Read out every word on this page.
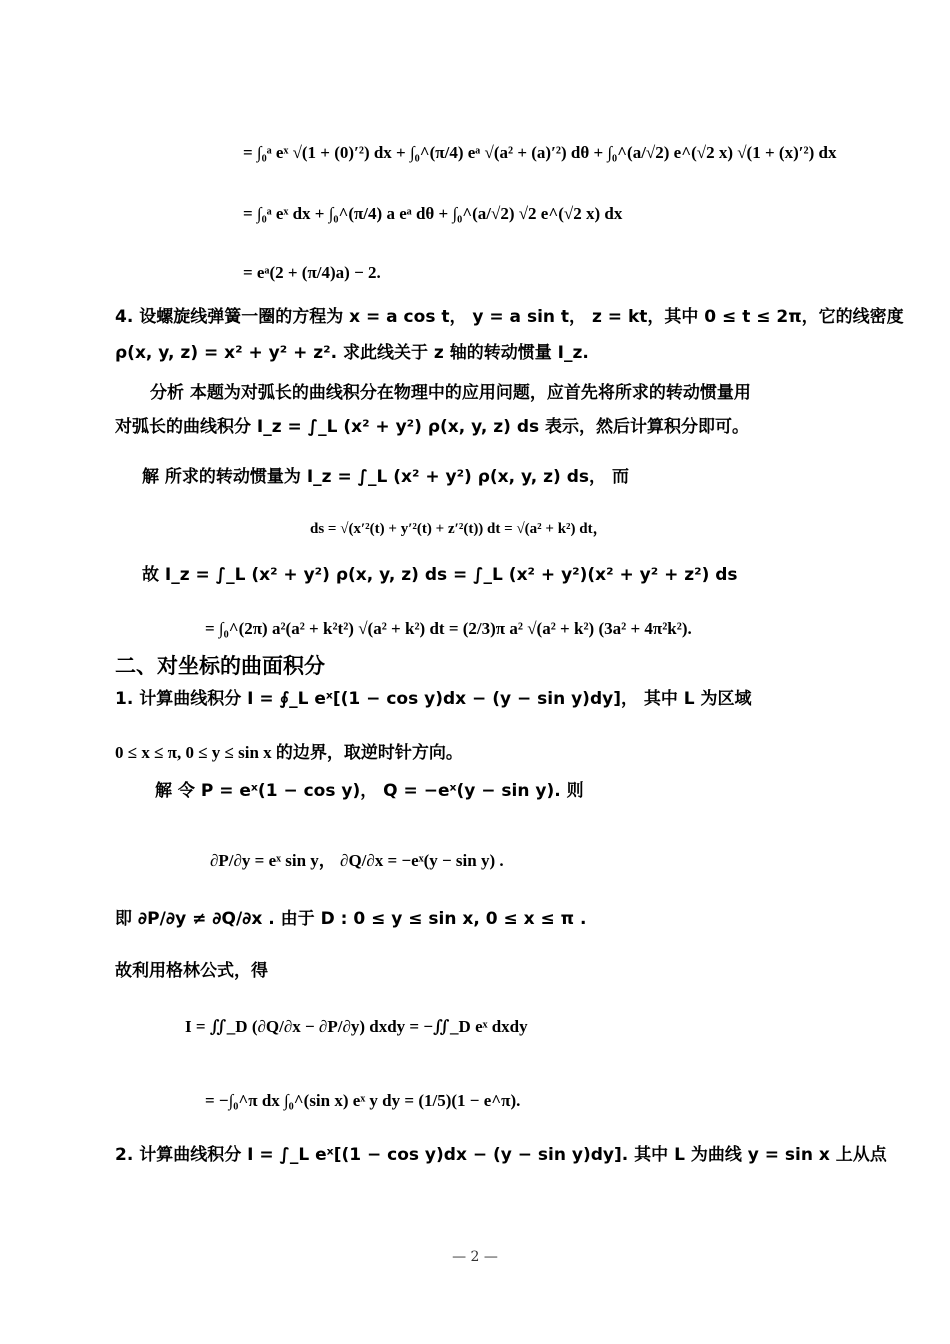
= ∫₀ᵃ eˣ √(1 + (0)′²) dx + ∫₀^(π/4) eᵃ √(a² + (a)′²) dθ + ∫₀^(a/√2) e^(√2 x) √(1 + (x)′²) dx
= ∫₀ᵃ eˣ dx + ∫₀^(π/4) a eᵃ dθ + ∫₀^(a/√2) √2 e^(√2 x) dx
= eᵃ(2 + (π/4)a) − 2.
4. 设螺旋线弹簧一圈的方程为 x = a cos t， y = a sin t， z = kt，其中 0 ≤ t ≤ 2π，它的线密度
ρ(x, y, z) = x² + y² + z². 求此线关于 z 轴的转动惯量 I_z.
分析 本题为对弧长的曲线积分在物理中的应用问题，应首先将所求的转动惯量用
对弧长的曲线积分 I_z = ∫_L (x² + y²) ρ(x, y, z) ds 表示，然后计算积分即可。
解 所求的转动惯量为 I_z = ∫_L (x² + y²) ρ(x, y, z) ds， 而
ds = √(x′²(t) + y′²(t) + z′²(t)) dt = √(a² + k²) dt，
故 I_z = ∫_L (x² + y²) ρ(x, y, z) ds = ∫_L (x² + y²)(x² + y² + z²) ds
= ∫₀^(2π) a²(a² + k²t²) √(a² + k²) dt = (2/3)π a² √(a² + k²) (3a² + 4π²k²).
二、对坐标的曲面积分
1. 计算曲线积分 I = ∮_L eˣ[(1 − cos y)dx − (y − sin y)dy]， 其中 L 为区域
0 ≤ x ≤ π, 0 ≤ y ≤ sin x 的边界，取逆时针方向。
解 令 P = eˣ(1 − cos y)， Q = −eˣ(y − sin y). 则
∂P/∂y = eˣ sin y， ∂Q/∂x = −eˣ(y − sin y) .
即 ∂P/∂y ≠ ∂Q/∂x . 由于 D : 0 ≤ y ≤ sin x, 0 ≤ x ≤ π .
故利用格林公式，得
I = ∬_D (∂Q/∂x − ∂P/∂y) dxdy = −∬_D eˣ dxdy
= −∫₀^π dx ∫₀^(sin x) eˣ y dy = (1/5)(1 − e^π).
2. 计算曲线积分 I = ∫_L eˣ[(1 − cos y)dx − (y − sin y)dy]. 其中 L 为曲线 y = sin x 上从点
— 2 —
